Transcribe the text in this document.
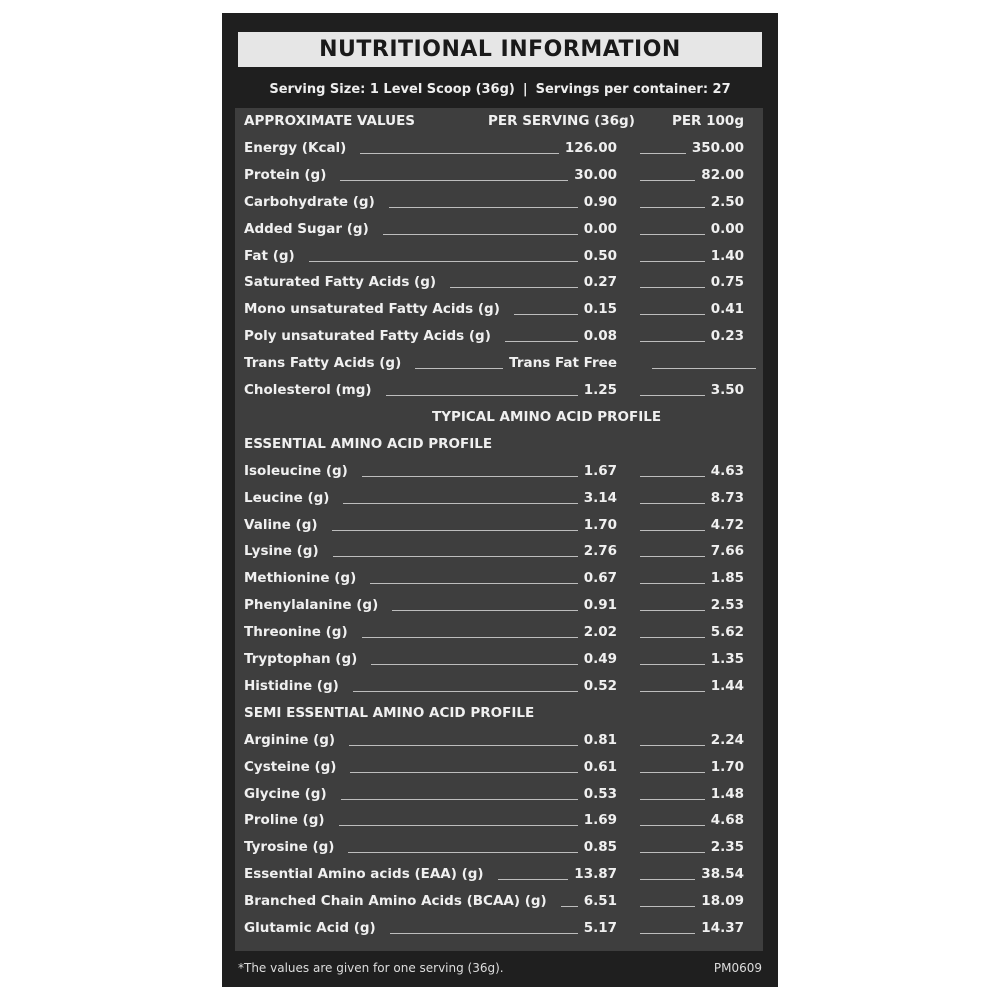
NUTRITIONAL INFORMATION
Serving Size: 1 Level Scoop (36g) | Servings per container: 27
APPROXIMATE VALUES	PER SERVING (36g)	PER 100g
Energy (Kcal)	126.00	350.00
Protein (g)	30.00	82.00
Carbohydrate (g)	0.90	2.50
Added Sugar (g)	0.00	0.00
Fat (g)	0.50	1.40
Saturated Fatty Acids (g)	0.27	0.75
Mono unsaturated Fatty Acids (g)	0.15	0.41
Poly unsaturated Fatty Acids (g)	0.08	0.23
Trans Fatty Acids (g)	Trans Fat Free
Cholesterol (mg)	1.25	3.50
TYPICAL AMINO ACID PROFILE
ESSENTIAL AMINO ACID PROFILE
Isoleucine (g)	1.67	4.63
Leucine (g)	3.14	8.73
Valine (g)	1.70	4.72
Lysine (g)	2.76	7.66
Methionine (g)	0.67	1.85
Phenylalanine (g)	0.91	2.53
Threonine (g)	2.02	5.62
Tryptophan (g)	0.49	1.35
Histidine (g)	0.52	1.44
SEMI ESSENTIAL AMINO ACID PROFILE
Arginine (g)	0.81	2.24
Cysteine (g)	0.61	1.70
Glycine (g)	0.53	1.48
Proline (g)	1.69	4.68
Tyrosine (g)	0.85	2.35
Essential Amino acids (EAA) (g)	13.87	38.54
Branched Chain Amino Acids (BCAA) (g)	6.51	18.09
Glutamic Acid (g)	5.17	14.37
*The values are given for one serving (36g).	PM0609
